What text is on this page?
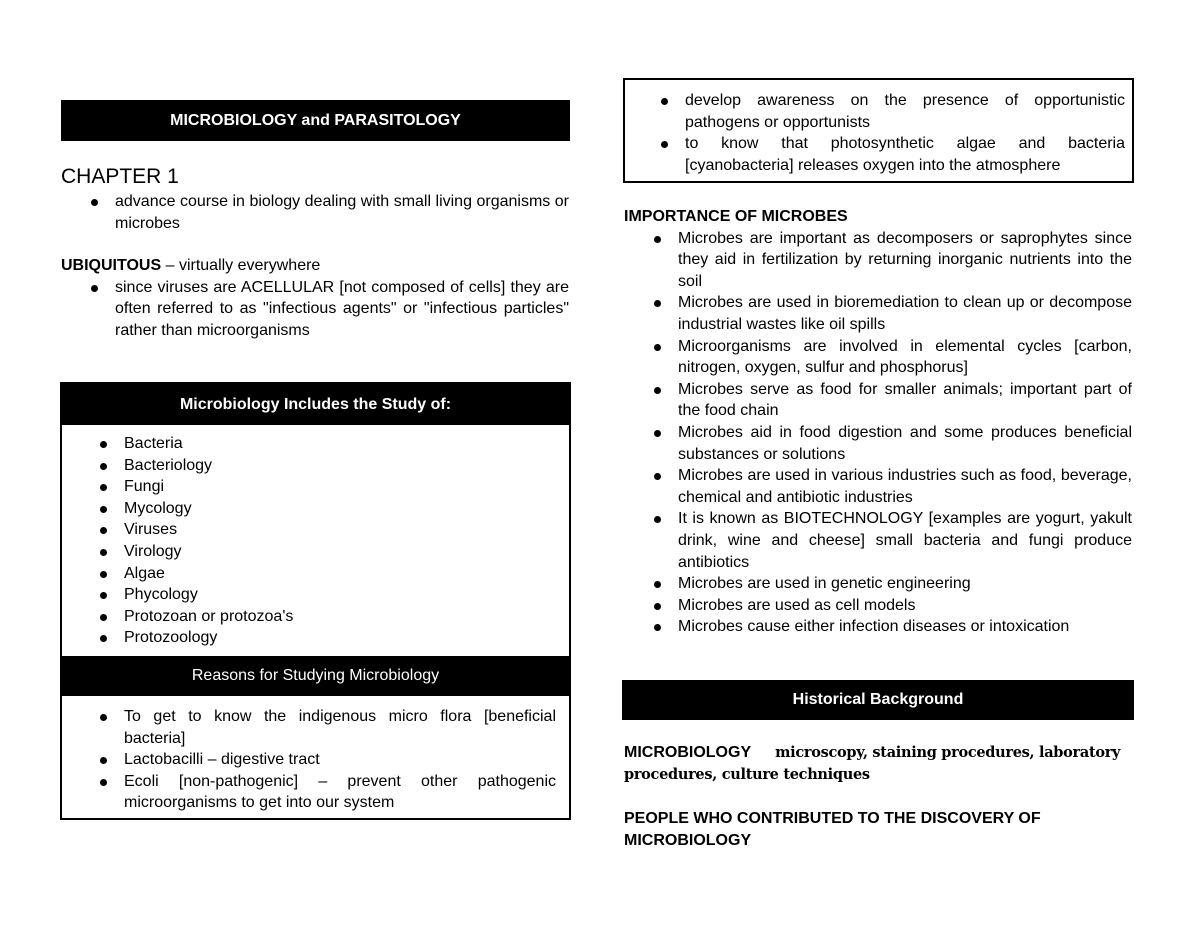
MICROBIOLOGY and PARASITOLOGY
CHAPTER 1
advance course in biology dealing with small living organisms or microbes
UBIQUITOUS – virtually everywhere
since viruses are ACELLULAR [not composed of cells] they are often referred to as "infectious agents" or "infectious particles" rather than microorganisms
Microbiology Includes the Study of:
Bacteria
Bacteriology
Fungi
Mycology
Viruses
Virology
Algae
Phycology
Protozoan or protozoa's
Protozoology
Reasons for Studying Microbiology
To get to know the indigenous micro flora [beneficial bacteria]
Lactobacilli – digestive tract
Ecoli [non-pathogenic] – prevent other pathogenic microorganisms to get into our system
develop awareness on the presence of opportunistic pathogens or opportunists
to know that photosynthetic algae and bacteria [cyanobacteria] releases oxygen into the atmosphere
IMPORTANCE OF MICROBES
Microbes are important as decomposers or saprophytes since they aid in fertilization by returning inorganic nutrients into the soil
Microbes are used in bioremediation to clean up or decompose industrial wastes like oil spills
Microorganisms are involved in elemental cycles [carbon, nitrogen, oxygen, sulfur and phosphorus]
Microbes serve as food for smaller animals; important part of the food chain
Microbes aid in food digestion and some produces beneficial substances or solutions
Microbes are used in various industries such as food, beverage, chemical and antibiotic industries
It is known as BIOTECHNOLOGY [examples are yogurt, yakult drink, wine and cheese] small bacteria and fungi produce antibiotics
Microbes are used in genetic engineering
Microbes are used as cell models
Microbes cause either infection diseases or intoxication
Historical Background
MICROBIOLOGY microscopy, staining procedures, laboratory procedures, culture techniques
PEOPLE WHO CONTRIBUTED TO THE DISCOVERY OF MICROBIOLOGY
